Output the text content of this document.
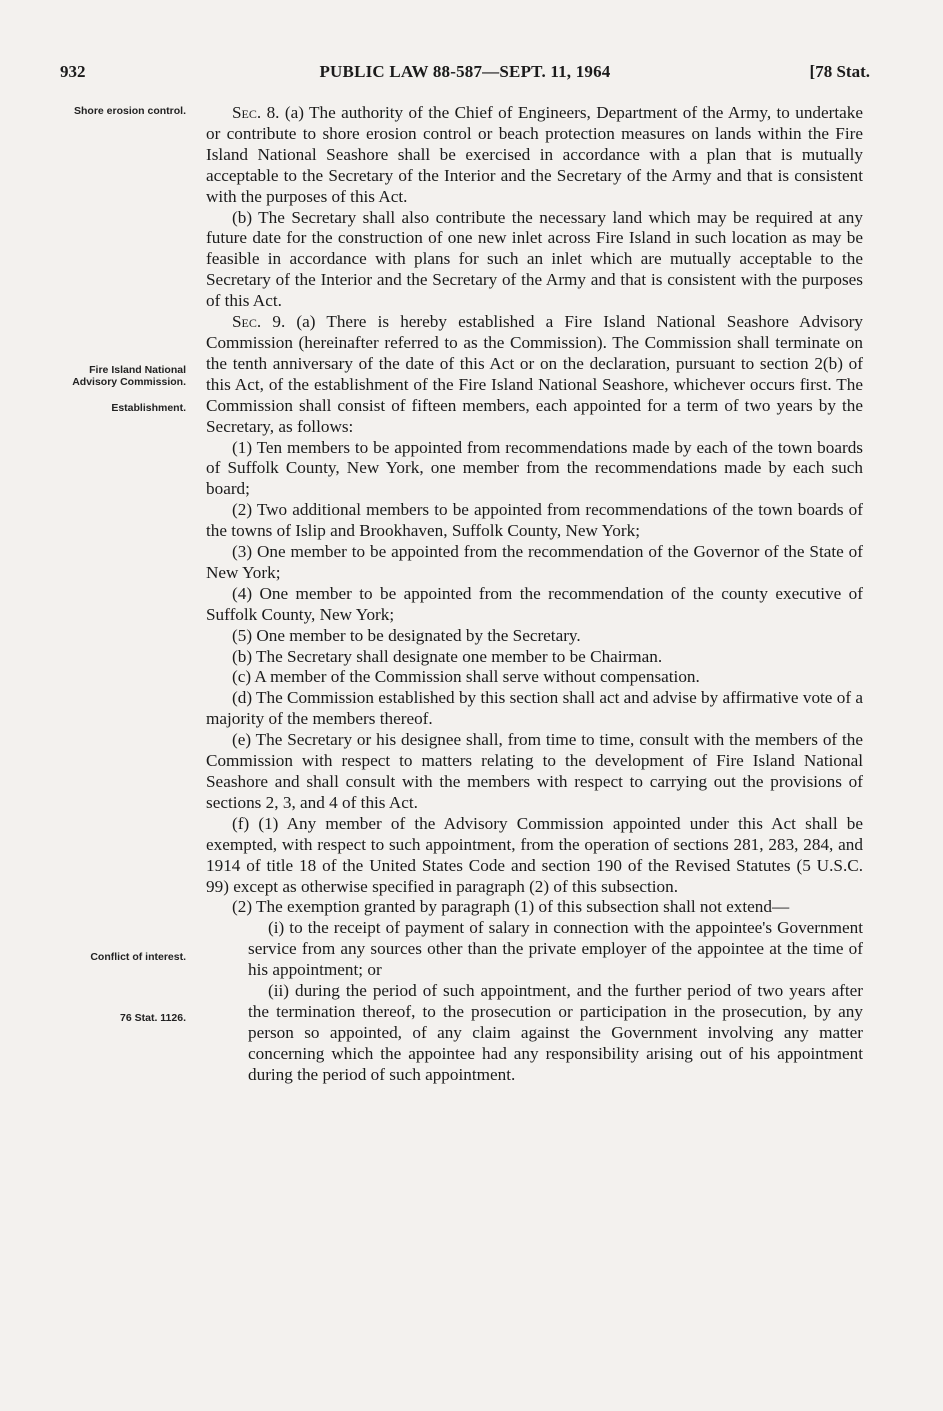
932	PUBLIC LAW 88-587—SEPT. 11, 1964	[78 Stat.
Shore erosion control.
Fire Island National Advisory Commission.
Establishment.
Conflict of interest.
76 Stat. 1126.

Sec. 8. (a) The authority of the Chief of Engineers, Department of the Army, to undertake or contribute to shore erosion control or beach protection measures on lands within the Fire Island National Seashore shall be exercised in accordance with a plan that is mutually acceptable to the Secretary of the Interior and the Secretary of the Army and that is consistent with the purposes of this Act.

(b) The Secretary shall also contribute the necessary land which may be required at any future date for the construction of one new inlet across Fire Island in such location as may be feasible in accordance with plans for such an inlet which are mutually acceptable to the Secretary of the Interior and the Secretary of the Army and that is consistent with the purposes of this Act.

Sec. 9. (a) There is hereby established a Fire Island National Seashore Advisory Commission (hereinafter referred to as the Commission). The Commission shall terminate on the tenth anniversary of the date of this Act or on the declaration, pursuant to section 2(b) of this Act, of the establishment of the Fire Island National Seashore, whichever occurs first. The Commission shall consist of fifteen members, each appointed for a term of two years by the Secretary, as follows:

(1) Ten members to be appointed from recommendations made by each of the town boards of Suffolk County, New York, one member from the recommendations made by each such board;

(2) Two additional members to be appointed from recommendations of the town boards of the towns of Islip and Brookhaven, Suffolk County, New York;

(3) One member to be appointed from the recommendation of the Governor of the State of New York;

(4) One member to be appointed from the recommendation of the county executive of Suffolk County, New York;

(5) One member to be designated by the Secretary.

(b) The Secretary shall designate one member to be Chairman.

(c) A member of the Commission shall serve without compensation.

(d) The Commission established by this section shall act and advise by affirmative vote of a majority of the members thereof.

(e) The Secretary or his designee shall, from time to time, consult with the members of the Commission with respect to matters relating to the development of Fire Island National Seashore and shall consult with the members with respect to carrying out the provisions of sections 2, 3, and 4 of this Act.

(f) (1) Any member of the Advisory Commission appointed under this Act shall be exempted, with respect to such appointment, from the operation of sections 281, 283, 284, and 1914 of title 18 of the United States Code and section 190 of the Revised Statutes (5 U.S.C. 99) except as otherwise specified in paragraph (2) of this subsection.

(2) The exemption granted by paragraph (1) of this subsection shall not extend—

(i) to the receipt of payment of salary in connection with the appointee's Government service from any sources other than the private employer of the appointee at the time of his appointment; or

(ii) during the period of such appointment, and the further period of two years after the termination thereof, to the prosecution or participation in the prosecution, by any person so appointed, of any claim against the Government involving any matter concerning which the appointee had any responsibility arising out of his appointment during the period of such appointment.
